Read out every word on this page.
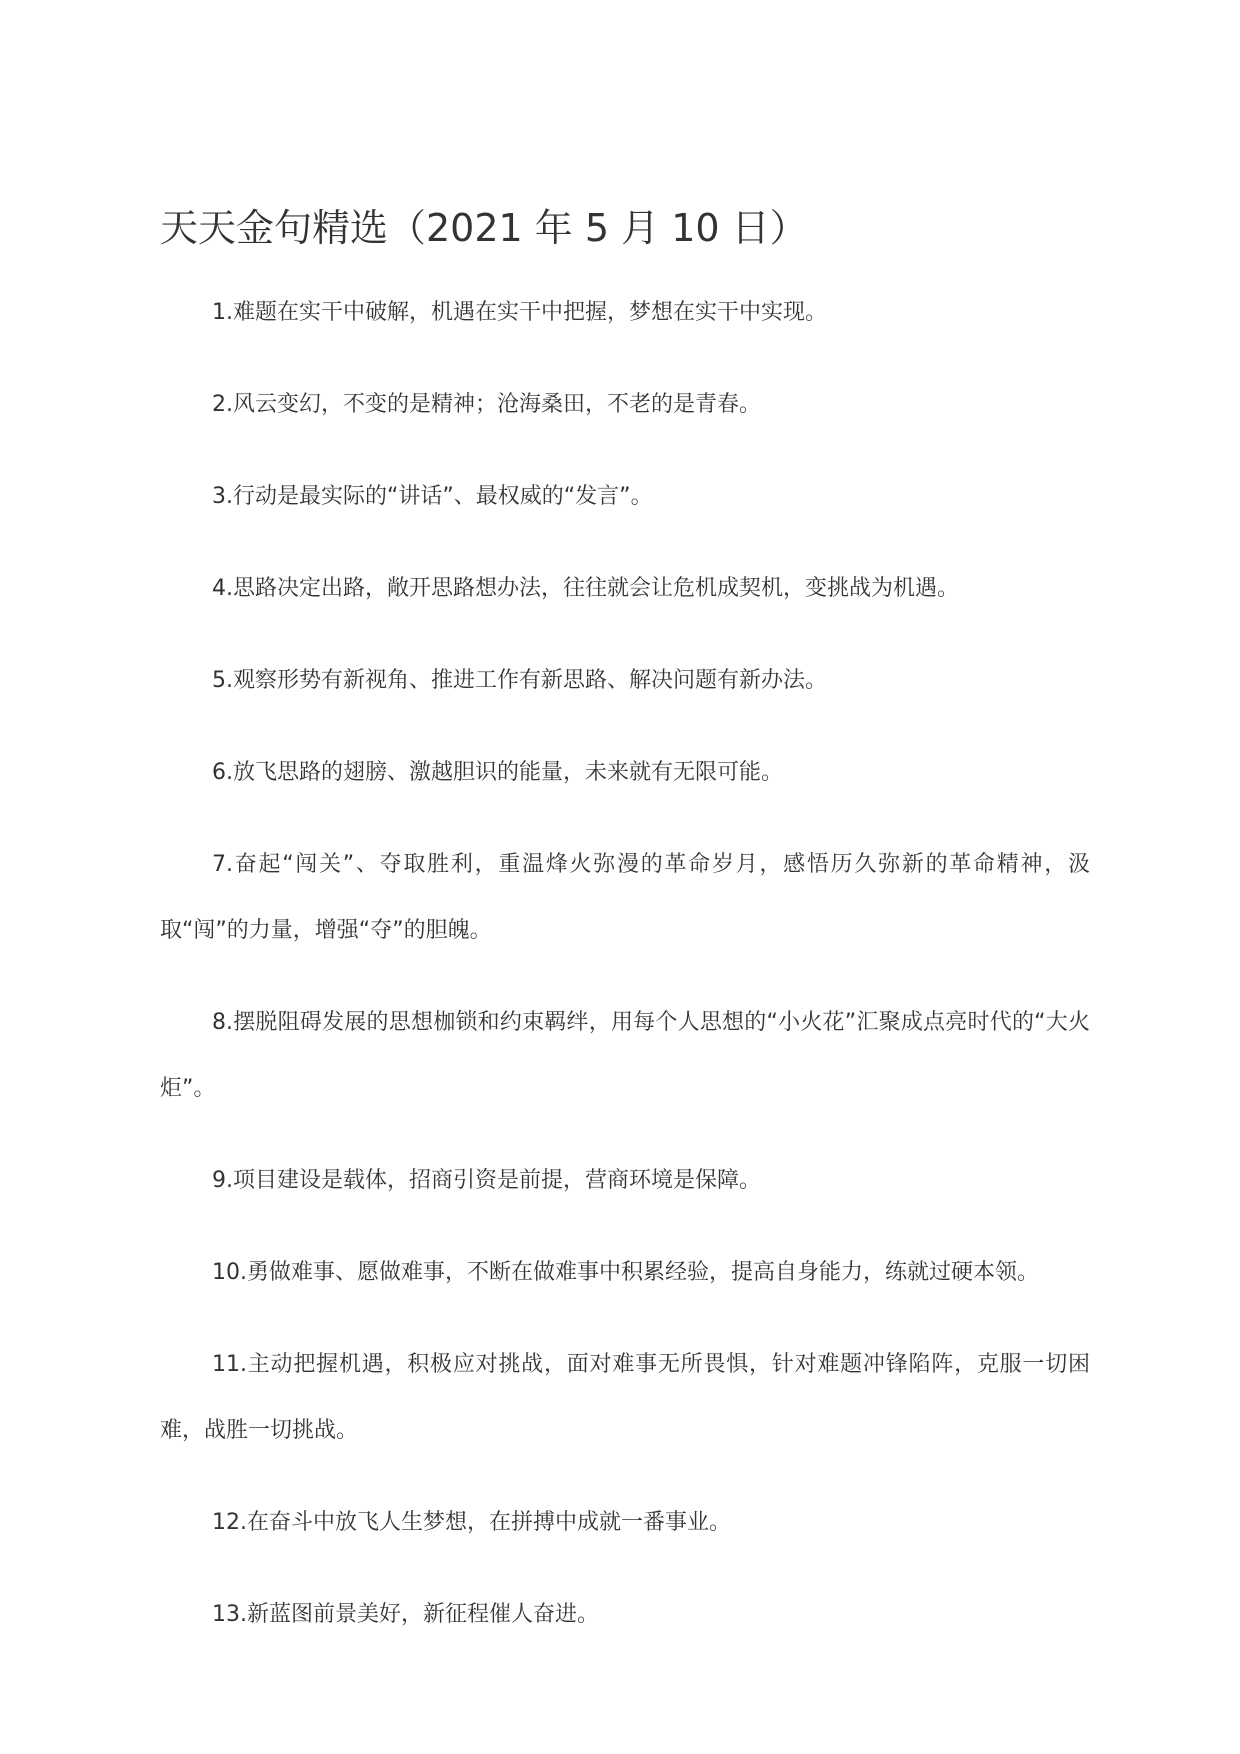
天天金句精选（2021 年 5 月 10 日）

1.难题在实干中破解，机遇在实干中把握，梦想在实干中实现。

2.风云变幻，不变的是精神；沧海桑田，不老的是青春。

3.行动是最实际的“讲话”、最权威的“发言”。

4.思路决定出路，敞开思路想办法，往往就会让危机成契机，变挑战为机遇。

5.观察形势有新视角、推进工作有新思路、解决问题有新办法。

6.放飞思路的翅膀、激越胆识的能量，未来就有无限可能。

7.奋起“闯关”、夺取胜利，重温烽火弥漫的革命岁月，感悟历久弥新的革命精神，汲取“闯”的力量，增强“夺”的胆魄。

8.摆脱阻碍发展的思想枷锁和约束羁绊，用每个人思想的“小火花”汇聚成点亮时代的“大火炬”。

9.项目建设是载体，招商引资是前提，营商环境是保障。

10.勇做难事、愿做难事，不断在做难事中积累经验，提高自身能力，练就过硬本领。

11.主动把握机遇，积极应对挑战，面对难事无所畏惧，针对难题冲锋陷阵，克服一切困难，战胜一切挑战。

12.在奋斗中放飞人生梦想，在拼搏中成就一番事业。

13.新蓝图前景美好，新征程催人奋进。
